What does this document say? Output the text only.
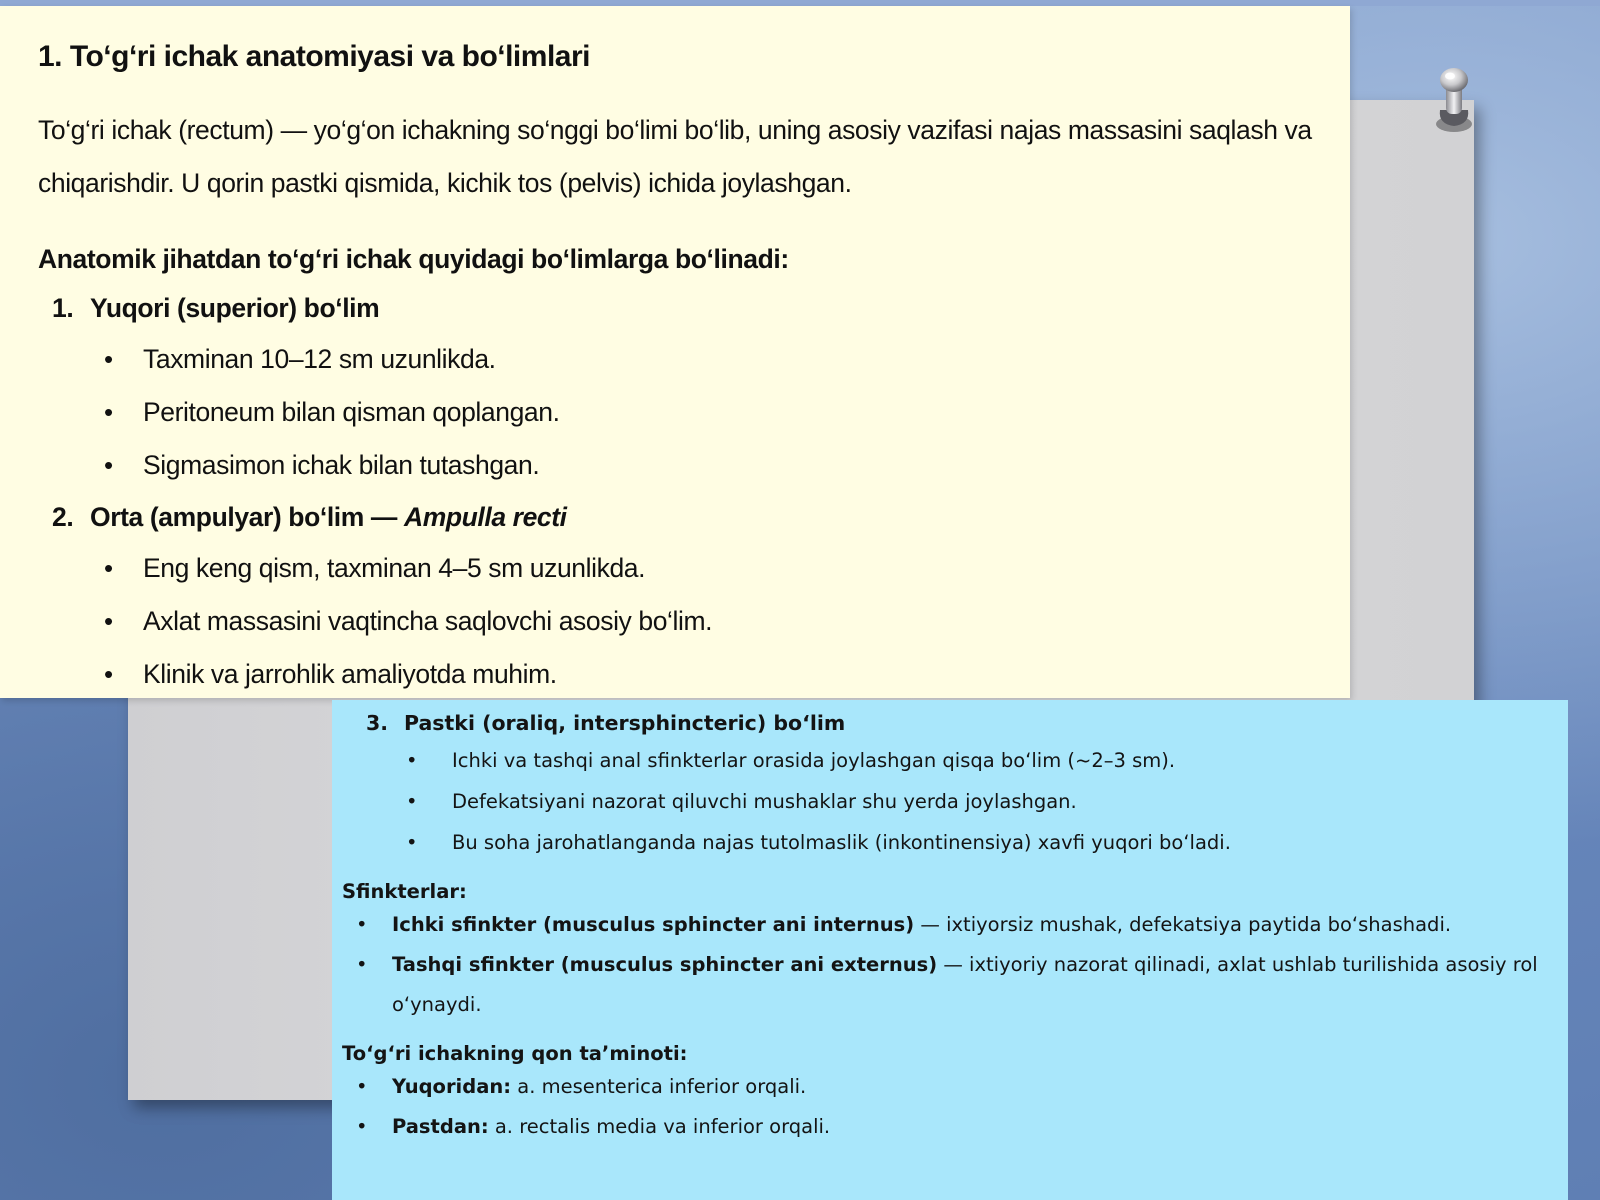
1. To‘g‘ri ichak anatomiyasi va bo‘limlari

To‘g‘ri ichak (rectum) — yo‘g‘on ichakning so‘nggi bo‘limi bo‘lib, uning asosiy vazifasi najas massasini saqlash va chiqarishdir. U qorin pastki qismida, kichik tos (pelvis) ichida joylashgan.

Anatomik jihatdan to‘g‘ri ichak quyidagi bo‘limlarga bo‘linadi:
1. Yuqori (superior) bo‘lim
• Taxminan 10–12 sm uzunlikda.
• Peritoneum bilan qisman qoplangan.
• Sigmasimon ichak bilan tutashgan.
2. Orta (ampulyar) bo‘lim — Ampulla recti
• Eng keng qism, taxminan 4–5 sm uzunlikda.
• Axlat massasini vaqtincha saqlovchi asosiy bo‘lim.
• Klinik va jarrohlik amaliyotda muhim.
3. Pastki (oraliq, intersphincteric) bo‘lim
• Ichki va tashqi anal sfinkterlar orasida joylashgan qisqa bo‘lim (~2–3 sm).
• Defekatsiyani nazorat qiluvchi mushaklar shu yerda joylashgan.
• Bu soha jarohatlanganda najas tutolmaslik (inkontinensiya) xavfi yuqori bo‘ladi.
Sfinkterlar:
• Ichki sfinkter (musculus sphincter ani internus) — ixtiyorsiz mushak, defekatsiya paytida bo‘shashadi.
• Tashqi sfinkter (musculus sphincter ani externus) — ixtiyoriy nazorat qilinadi, axlat ushlab turilishida asosiy rol o‘ynaydi.
To‘g‘ri ichakning qon ta’minoti:
• Yuqoridan: a. mesenterica inferior orqali.
• Pastdan: a. rectalis media va inferior orqali.
